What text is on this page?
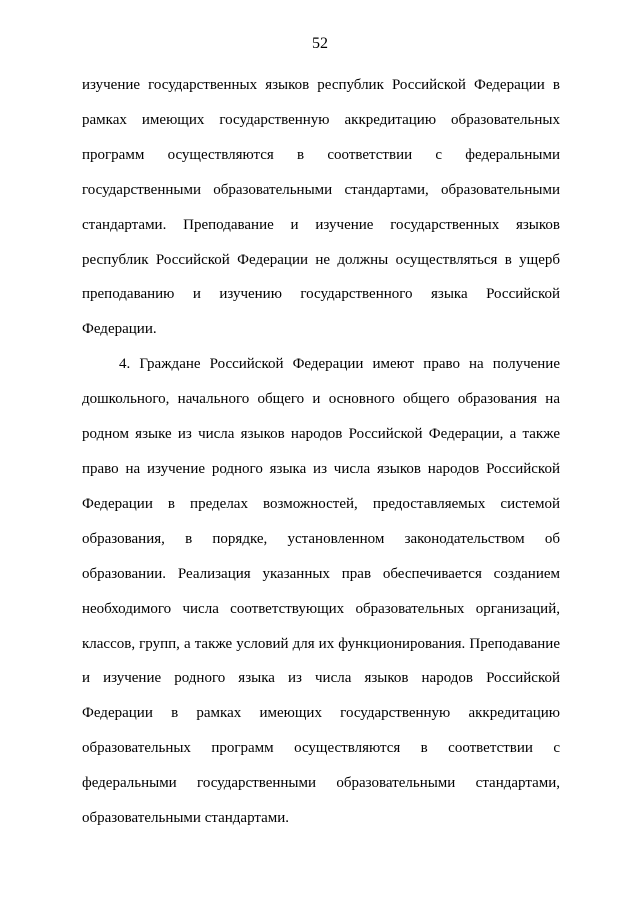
52

изучение государственных языков республик Российской Федерации в рамках имеющих государственную аккредитацию образовательных программ осуществляются в соответствии с федеральными государственными образовательными стандартами, образовательными стандартами. Преподавание и изучение государственных языков республик Российской Федерации не должны осуществляться в ущерб преподаванию и изучению государственного языка Российской Федерации.

4. Граждане Российской Федерации имеют право на получение дошкольного, начального общего и основного общего образования на родном языке из числа языков народов Российской Федерации, а также право на изучение родного языка из числа языков народов Российской Федерации в пределах возможностей, предоставляемых системой образования, в порядке, установленном законодательством об образовании. Реализация указанных прав обеспечивается созданием необходимого числа соответствующих образовательных организаций, классов, групп, а также условий для их функционирования. Преподавание и изучение родного языка из числа языков народов Российской Федерации в рамках имеющих государственную аккредитацию образовательных программ осуществляются в соответствии с федеральными государственными образовательными стандартами, образовательными стандартами.
